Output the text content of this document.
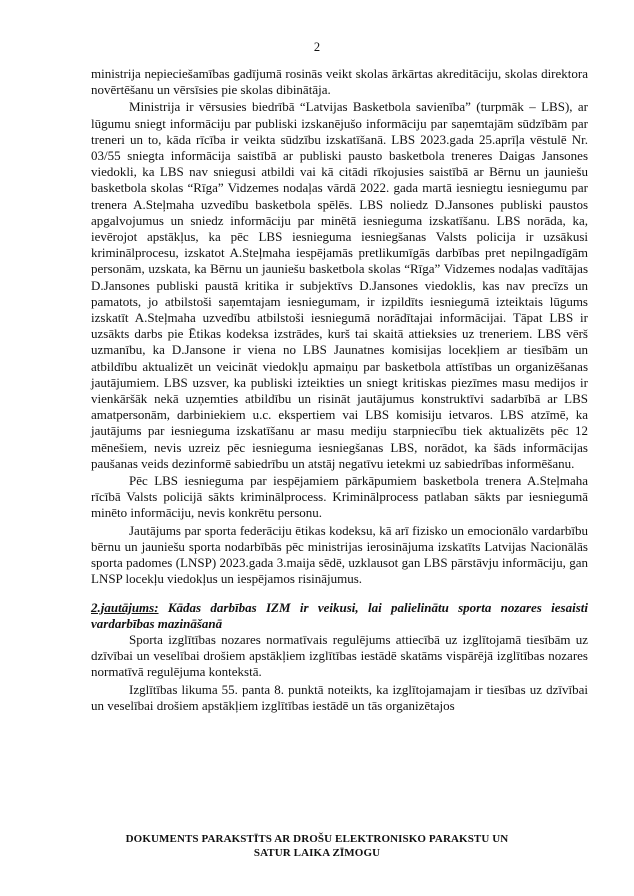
2

ministrija nepieciešamības gadījumā rosinās veikt skolas ārkārtas akreditāciju, skolas direktora novērtēšanu un vērsīsies pie skolas dibinātāja.

Ministrija ir vērsusies biedrībā “Latvijas Basketbola savienība” (turpmāk – LBS), ar lūgumu sniegt informāciju par publiski izskanējušo informāciju par saņemtajām sūdzībām par treneri un to, kāda rīcība ir veikta sūdzību izskatīšanā. LBS 2023.gada 25.aprīļa vēstulē Nr. 03/55 sniegta informācija saistībā ar publiski pausto basketbola treneres Daigas Jansones viedokli, ka LBS nav sniegusi atbildi vai kā citādi rīkojusies saistībā ar Bērnu un jauniešu basketbola skolas “Rīga” Vidzemes nodaļas vārdā 2022. gada martā iesniegtu iesniegumu par trenera A.Steļmaha uzvedību basketbola spēlēs. LBS noliedz D.Jansones publiski paustos apgalvojumus un sniedz informāciju par minētā iesnieguma izskatīšanu. LBS norāda, ka, ievērojot apstākļus, ka pēc LBS iesnieguma iesniegšanas Valsts policija ir uzsākusi kriminālprocesu, izskatot A.Steļmaha iespējamās pretlikumīgās darbības pret nepilngadīgām personām, uzskata, ka Bērnu un jauniešu basketbola skolas “Rīga” Vidzemes nodaļas vadītājas D.Jansones publiski paustā kritika ir subjektīvs D.Jansones viedoklis, kas nav precīzs un pamatots, jo atbilstoši saņemtajam iesniegumam, ir izpildīts iesniegumā izteiktais lūgums izskatīt A.Steļmaha uzvedību atbilstoši iesniegumā norādītajai informācijai. Tāpat LBS ir uzsākts darbs pie Ētikas kodeksa izstrādes, kurš tai skaitā attieksies uz treneriem. LBS vērš uzmanību, ka D.Jansone ir viena no LBS Jaunatnes komisijas locekļiem ar tiesībām un atbildību aktualizēt un veicināt viedokļu apmaiņu par basketbola attīstības un organizēšanas jautājumiem. LBS uzsver, ka publiski izteikties un sniegt kritiskas piezīmes masu medijos ir vienkāršāk nekā uzņemties atbildību un risināt jautājumus konstruktīvi sadarbībā ar LBS amatpersonām, darbiniekiem u.c. ekspertiem vai LBS komisiju ietvaros. LBS atzīmē, ka jautājums par iesnieguma izskatīšanu ar masu mediju starpniecību tiek aktualizēts pēc 12 mēnešiem, nevis uzreiz pēc iesnieguma iesniegšanas LBS, norādot, ka šāds informācijas paušanas veids dezinformē sabiedrību un atstāj negatīvu ietekmi uz sabiedrības informēšanu.

Pēc LBS iesnieguma par iespējamiem pārkāpumiem basketbola trenera A.Steļmaha rīcībā Valsts policijā sākts kriminālprocess. Kriminālprocess patlaban sākts par iesniegumā minēto informāciju, nevis konkrētu personu.

Jautājums par sporta federāciju ētikas kodeksu, kā arī fizisko un emocionālo vardarbību bērnu un jauniešu sporta nodarbībās pēc ministrijas ierosinājuma izskatīts Latvijas Nacionālās sporta padomes (LNSP) 2023.gada 3.maija sēdē, uzklausot gan LBS pārstāvju informāciju, gan LNSP locekļu viedokļus un iespējamos risinājumus.

2.jautājums: Kādas darbības IZM ir veikusi, lai palielinātu sporta nozares iesaisti vardarbības mazināšanā

Sporta izglītības nozares normatīvais regulējums attiecībā uz izglītojamā tiesībām uz dzīvībai un veselībai drošiem apstākļiem izglītības iestādē skatāms vispārējā izglītības nozares normatīvā regulējuma kontekstā.

Izglītības likuma 55. panta 8. punktā noteikts, ka izglītojamajam ir tiesības uz dzīvībai un veselībai drošiem apstākļiem izglītības iestādē un tās organizētajos

DOKUMENTS PARAKSTĪTS AR DROŠU ELEKTRONISKO PARAKSTU UN
SATUR LAIKA ZĪMOGU
